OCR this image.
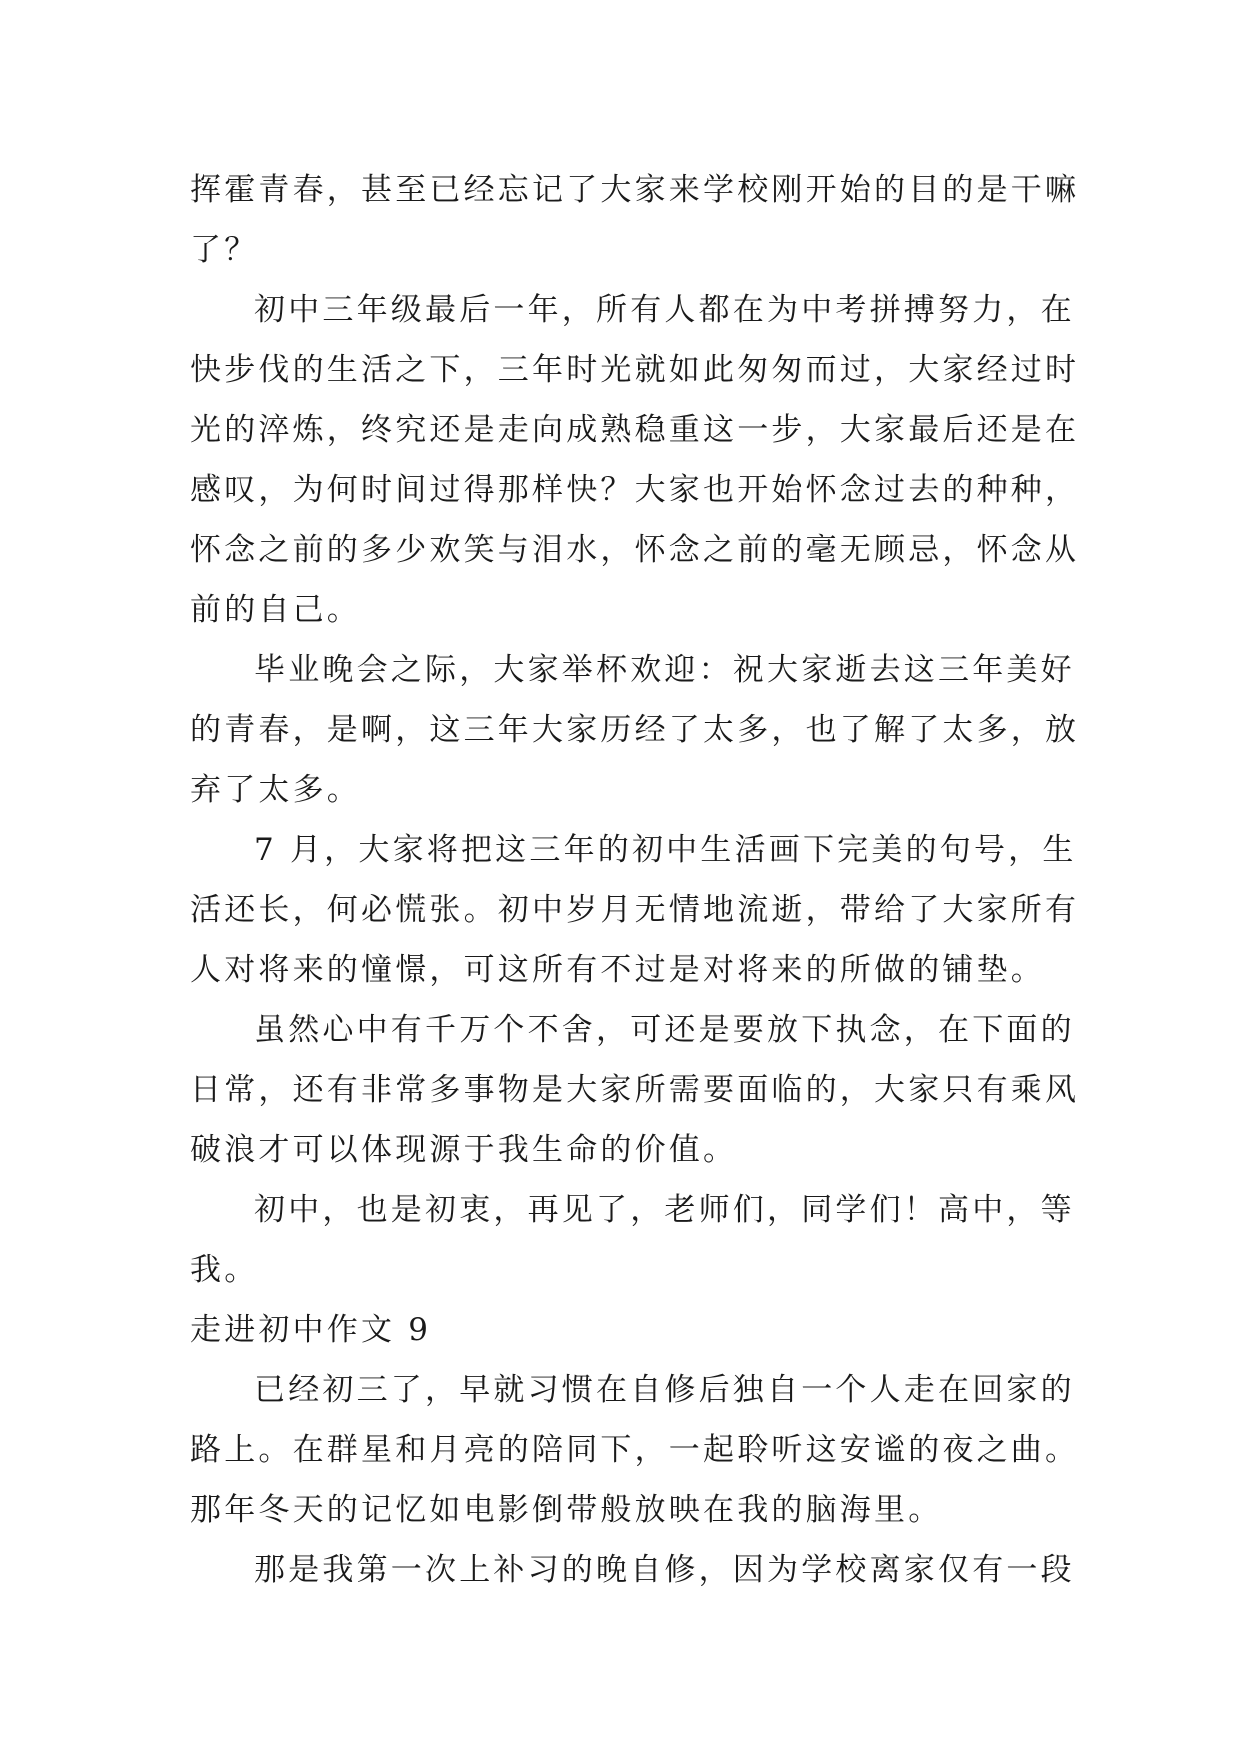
挥霍青春，甚至已经忘记了大家来学校刚开始的目的是干嘛
了？
初中三年级最后一年，所有人都在为中考拼搏努力，在
快步伐的生活之下，三年时光就如此匆匆而过，大家经过时
光的淬炼，终究还是走向成熟稳重这一步，大家最后还是在
感叹，为何时间过得那样快？大家也开始怀念过去的种种，
怀念之前的多少欢笑与泪水，怀念之前的毫无顾忌，怀念从
前的自己。
毕业晚会之际，大家举杯欢迎：祝大家逝去这三年美好
的青春，是啊，这三年大家历经了太多，也了解了太多，放
弃了太多。
7 月，大家将把这三年的初中生活画下完美的句号，生
活还长，何必慌张。初中岁月无情地流逝，带给了大家所有
人对将来的憧憬，可这所有不过是对将来的所做的铺垫。
虽然心中有千万个不舍，可还是要放下执念，在下面的
日常，还有非常多事物是大家所需要面临的，大家只有乘风
破浪才可以体现源于我生命的价值。
初中，也是初衷，再见了，老师们，同学们！高中，等
我。
走进初中作文 9
已经初三了，早就习惯在自修后独自一个人走在回家的
路上。在群星和月亮的陪同下，一起聆听这安谧的夜之曲。
那年冬天的记忆如电影倒带般放映在我的脑海里。
那是我第一次上补习的晚自修，因为学校离家仅有一段
